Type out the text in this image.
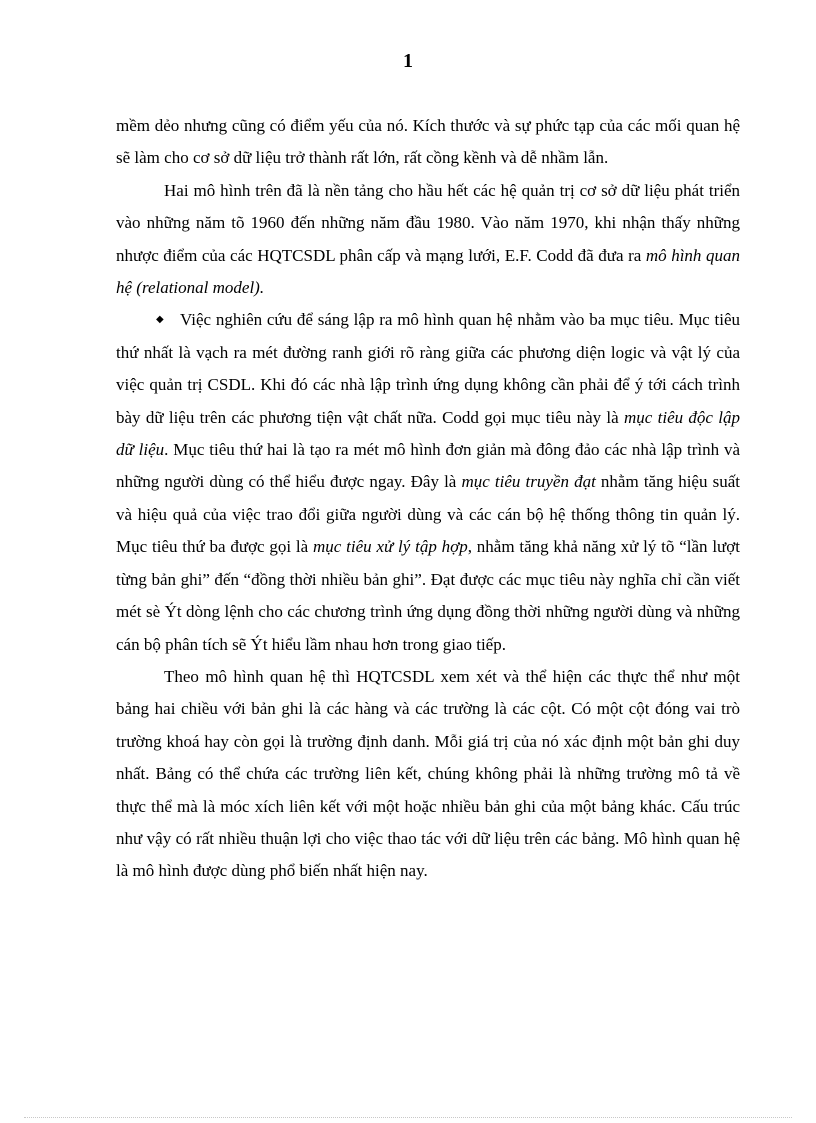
1

mềm dẻo nhưng cũng có điểm yếu của nó. Kích thước và sự phức tạp của các mối quan hệ sẽ làm cho cơ sở dữ liệu trở thành rất lớn, rất cồng kềnh và dễ nhầm lẫn.

Hai mô hình trên đã là nền tảng cho hầu hết các hệ quản trị cơ sở dữ liệu phát triển vào những năm tõ 1960 đến những năm đầu 1980. Vào năm 1970, khi nhận thấy những nhược điểm của các HQTCSDL phân cấp và mạng lưới, E.F. Codd đã đưa ra mô hình quan hệ (relational model).

◆ Việc nghiên cứu để sáng lập ra mô hình quan hệ nhằm vào ba mục tiêu. Mục tiêu thứ nhất là vạch ra mét đường ranh giới rõ ràng giữa các phương diện logic và vật lý của việc quản trị CSDL. Khi đó các nhà lập trình ứng dụng không cần phải để ý tới cách trình bày dữ liệu trên các phương tiện vật chất nữa. Codd gọi mục tiêu này là mục tiêu độc lập dữ liệu. Mục tiêu thứ hai là tạo ra mét mô hình đơn giản mà đông đảo các nhà lập trình và những người dùng có thể hiểu được ngay. Đây là mục tiêu truyền đạt nhằm tăng hiệu suất và hiệu quả của việc trao đổi giữa người dùng và các cán bộ hệ thống thông tin quản lý. Mục tiêu thứ ba được gọi là mục tiêu xử lý tập hợp, nhằm tăng khả năng xử lý tõ “lần lượt từng bản ghi” đến “đồng thời nhiều bản ghi”. Đạt được các mục tiêu này nghĩa chỉ cần viết mét sè Ýt dòng lệnh cho các chương trình ứng dụng đồng thời những người dùng và những cán bộ phân tích sẽ Ýt hiểu lầm nhau hơn trong giao tiếp.

Theo mô hình quan hệ thì HQTCSDL xem xét và thể hiện các thực thể như một bảng hai chiều với bản ghi là các hàng và các trường là các cột. Có một cột đóng vai trò trường khoá hay còn gọi là trường định danh. Mỗi giá trị của nó xác định một bản ghi duy nhất. Bảng có thể chứa các trường liên kết, chúng không phải là những trường mô tả về thực thể mà là móc xích liên kết với một hoặc nhiều bản ghi của một bảng khác. Cấu trúc như vậy có rất nhiều thuận lợi cho việc thao tác với dữ liệu trên các bảng. Mô hình quan hệ là mô hình được dùng phổ biến nhất hiện nay.
